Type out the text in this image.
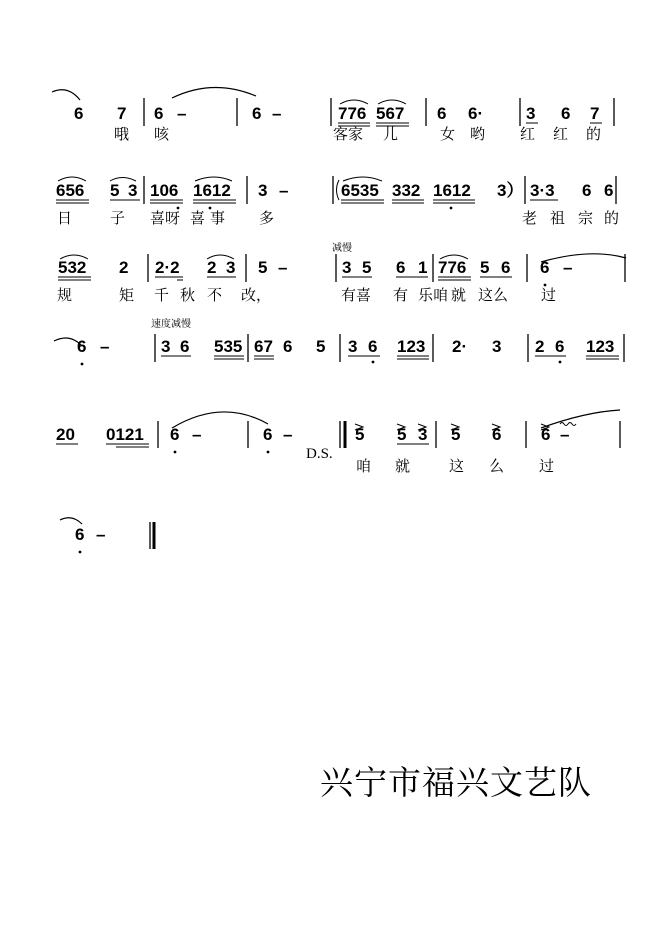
6 7 6 –	6 –	776 567 6 6·	3 6 7
哦 咳	客家 儿	女 哟 红 红 的
656 5 3 106 1612 3 –	6535 332 1612 3） 3·3 6 6
日	子 喜呀 喜 事 多	老 祖 宗 的
减慢
532 2 2·2 2 3 5 –	3 5 6 1 776 5 6 6 –
规	矩 千 秋 不 改，	有喜 有 乐咱 就 这么 过
速度减慢
6 –	3 6 535 67 6 5 3 6 123 2· 3 2 6 123
20 0121 6 –	6 –
D.S.
5 5 3 5 6 6 –
咱 就	这 么 过
6 –
兴宁市福兴文艺队
